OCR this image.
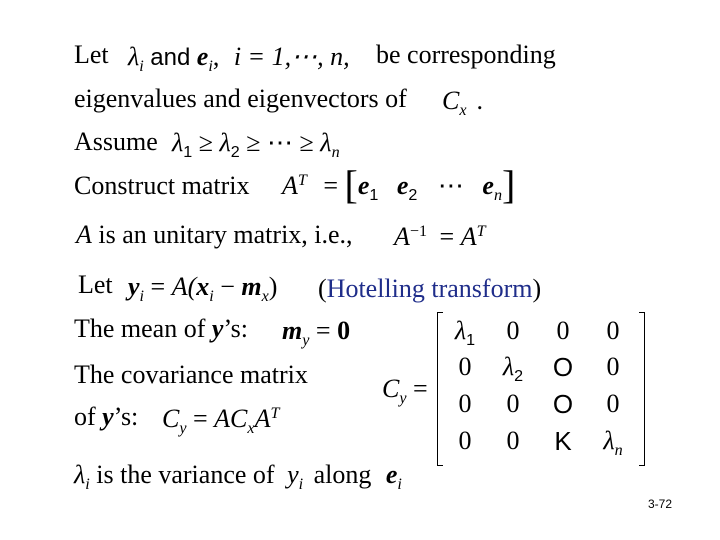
Let $\lambda_i$ and $e_i$, i = 1,⋯, n, be corresponding
eigenvalues and eigenvectors of $C_x$ .
Assume $\lambda_1 \ge \lambda_2$ ≥ ⋯ ≥ $\lambda_n$
Construct matrix $A^T = [e_1$ $e_2$ ⋯ $e_n$]
A is an unitary matrix, i.e., $A^{-1} = A^T$
Let $y_i = A(x_i - m_x)$ (Hotelling transform)
The mean of y’s: $m_y = 0$
The covariance matrix
of y’s: $C_y = AC_xA^T$
$C_y$ =
$\lambda_1$	0	0	0
0	$\lambda_2$	O	0
0	0	O	0
0	0	K	$\lambda_n$
$\lambda_i$ is the variance of $y_i$ along $e_i$
3-72
